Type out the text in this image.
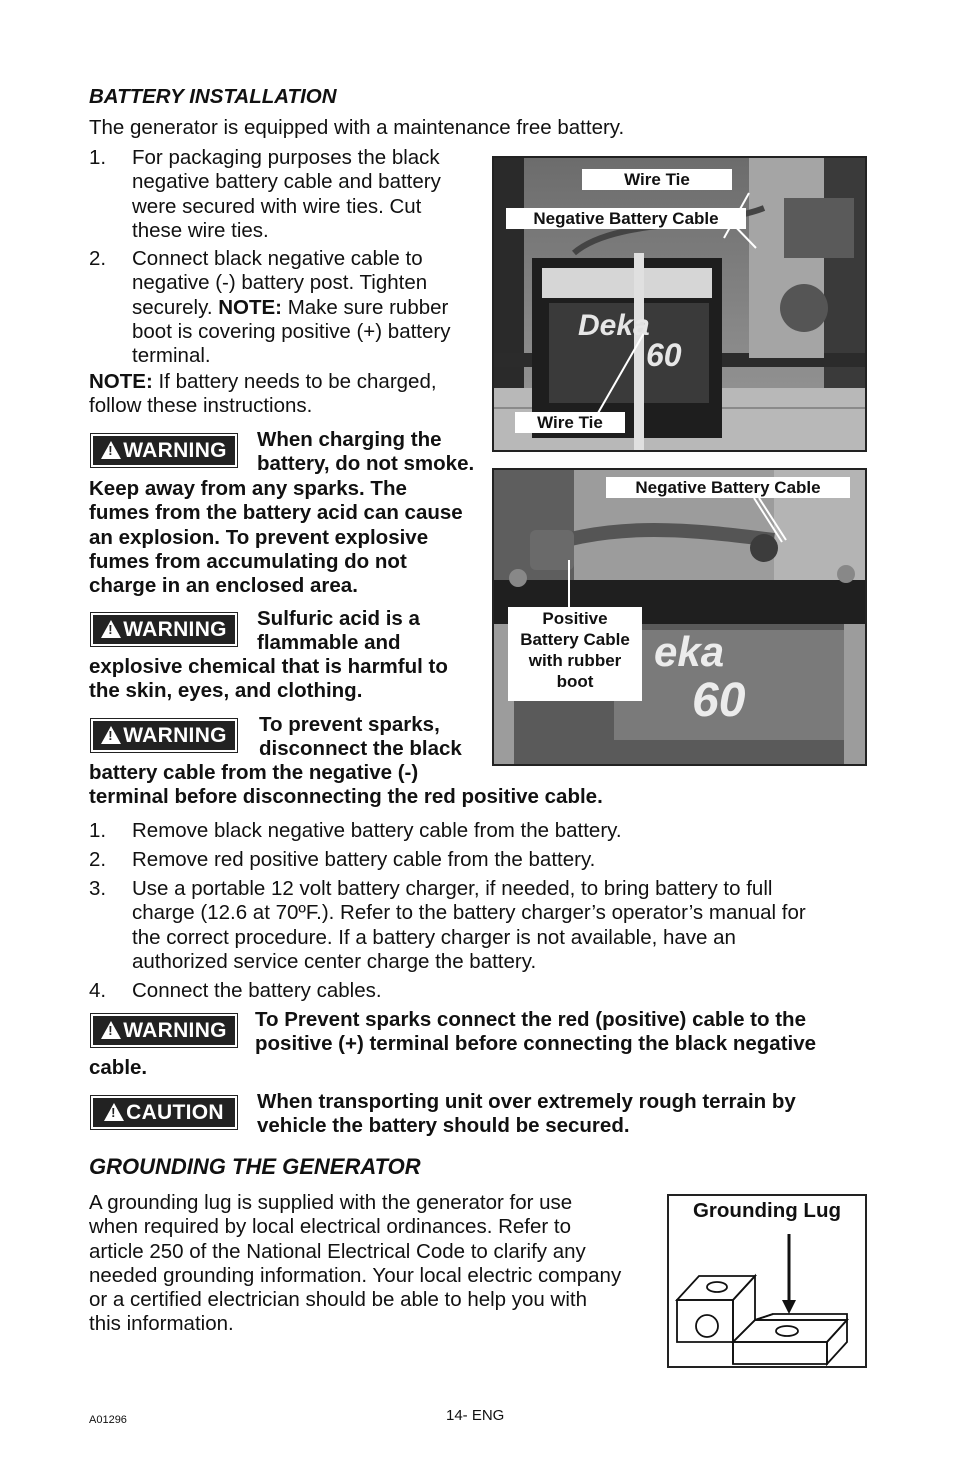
BATTERY INSTALLATION
The generator is equipped with a maintenance free battery.
1. For packaging purposes the black
negative battery cable and battery
were secured with wire ties. Cut
these wire ties.
2. Connect black negative cable to
negative (-) battery post. Tighten
securely. NOTE: Make sure rubber
boot is covering positive (+) battery
terminal.
NOTE: If battery needs to be charged,
follow these instructions.
!
WARNING When charging the
battery, do not smoke.
Keep away from any sparks. The
fumes from the battery acid can cause
an explosion. To prevent explosive
fumes from accumulating do not
charge in an enclosed area.
!
WARNING Sulfuric acid is a
flammable and
explosive chemical that is harmful to
the skin, eyes, and clothing.
!
WARNING To prevent sparks,
disconnect the black
battery cable from the negative (-)
terminal before disconnecting the red positive cable.
Deka
60
Wire Tie
Negative Battery Cable
Wire Tie
eka
60
Negative Battery Cable
Positive
Battery Cable
with rubber
boot
1. Remove black negative battery cable from the battery.
2. Remove red positive battery cable from the battery.
3. Use a portable 12 volt battery charger, if needed, to bring battery to full
charge (12.6 at 70ºF.). Refer to the battery charger’s operator’s manual for
the correct procedure. If a battery charger is not available, have an
authorized service center charge the battery.
4. Connect the battery cables.
!
WARNING To Prevent sparks connect the red (positive) cable to the
positive (+) terminal before connecting the black negative
cable.
!
CAUTION When transporting unit over extremely rough terrain by
vehicle the battery should be secured.
GROUNDING THE GENERATOR
A grounding lug is supplied with the generator for use
when required by local electrical ordinances. Refer to
article 250 of the National Electrical Code to clarify any
needed grounding information. Your local electric company
or a certified electrician should be able to help you with
this information.
Grounding Lug
A01296	14- ENG
